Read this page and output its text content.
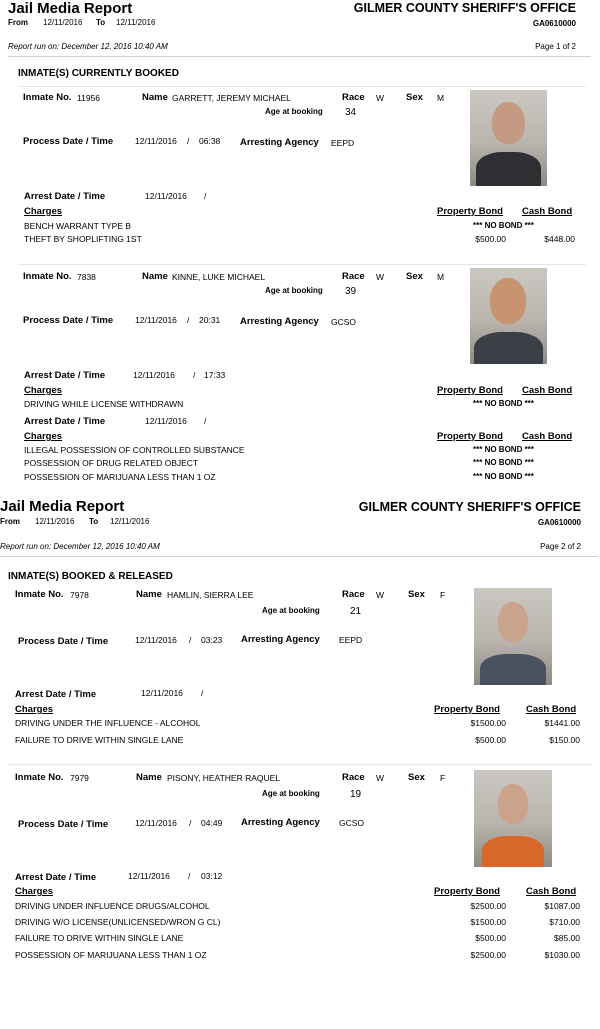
Jail Media Report
From 12/11/2016 To 12/11/2016
GILMER COUNTY SHERIFF'S OFFICE
GA0610000
Report run on: December 12, 2016 10:40 AM	Page 1 of 2
INMATE(S) CURRENTLY BOOKED
Inmate No. 11956	Name GARRETT, JEREMY MICHAEL	Race W Sex M
Age at booking 34
Process Date / Time	12/11/2016 / 06:38 Arresting Agency EEPD
Arrest Date / Time	12/11/2016 /
Charges	Property Bond Cash Bond
BENCH WARRANT TYPE B	*** NO BOND ***
THEFT BY SHOPLIFTING 1ST	$500.00	$448.00
Inmate No. 7838	Name KINNE, LUKE MICHAEL	Race W Sex M
Age at booking 39
Process Date / Time	12/11/2016 / 20:31 Arresting Agency GCSO
Arrest Date / Time	12/11/2016 / 17:33
Charges	Property Bond Cash Bond
DRIVING WHILE LICENSE WITHDRAWN	*** NO BOND ***
Arrest Date / Time	12/11/2016 /
Charges	Property Bond Cash Bond
ILLEGAL POSSESSION OF CONTROLLED SUBSTANCE	*** NO BOND ***
POSSESSION OF DRUG RELATED OBJECT	*** NO BOND ***
POSSESSION OF MARIJUANA LESS THAN 1 OZ	*** NO BOND ***
Jail Media Report
From 12/11/2016 To 12/11/2016
GILMER COUNTY SHERIFF'S OFFICE
GA0610000
Report run on: December 12, 2016 10:40 AM	Page 2 of 2
INMATE(S) BOOKED & RELEASED
Inmate No. 7978	Name HAMLIN, SIERRA LEE	Race W	Sex F
Age at booking	21
Process Date / Time	12/11/2016 / 03:23 Arresting Agency EEPD
Arrest Date / Time	12/11/2016 /
Charges	Property Bond	Cash Bond
DRIVING UNDER THE INFLUENCE - ALCOHOL	$1500.00	$1441.00
FAILURE TO DRIVE WITHIN SINGLE LANE	$500.00	$150.00
Inmate No. 7979	Name PISONY, HEATHER RAQUEL	Race W	Sex F
Age at booking	19
Process Date / Time	12/11/2016 / 04:49 Arresting Agency GCSO
Arrest Date / Time	12/11/2016 / 03:12
Charges	Property Bond	Cash Bond
DRIVING UNDER INFLUENCE DRUGS/ALCOHOL	$2500.00	$1087.00
DRIVING W/O LICENSE(UNLICENSED/WRON G CL)	$1500.00	$710.00
FAILURE TO DRIVE WITHIN SINGLE LANE	$500.00	$85.00
POSSESSION OF MARIJUANA LESS THAN 1 OZ	$2500.00	$1030.00
